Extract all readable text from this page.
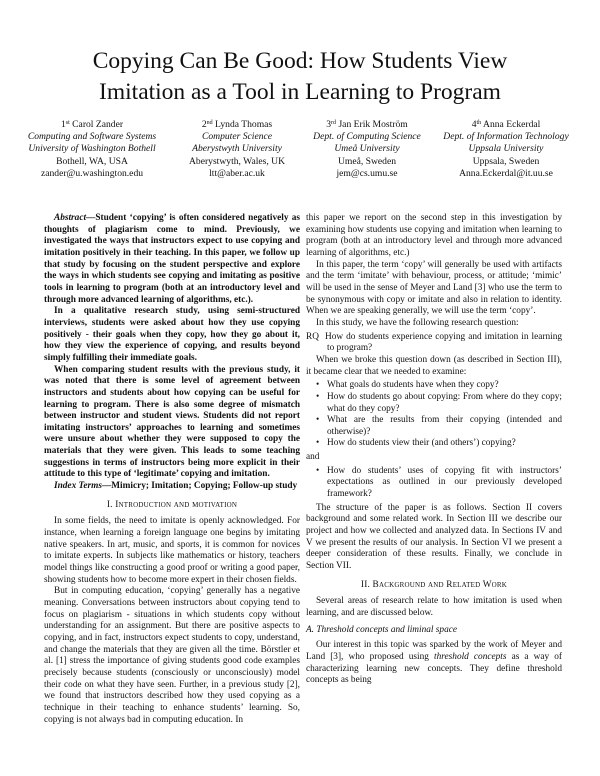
Copying Can Be Good: How Students View
Imitation as a Tool in Learning to Program
1st Carol Zander
Computing and Software Systems
University of Washington Bothell
Bothell, WA, USA
zander@u.washington.edu
2nd Lynda Thomas
Computer Science
Aberystwyth University
Aberystwyth, Wales, UK
ltt@aber.ac.uk
3rd Jan Erik Moström
Dept. of Computing Science
Umeå University
Umeå, Sweden
jem@cs.umu.se
4th Anna Eckerdal
Dept. of Information Technology
Uppsala University
Uppsala, Sweden
Anna.Eckerdal@it.uu.se

Abstract—Student ‘copying’ is often considered negatively as thoughts of plagiarism come to mind. Previously, we investigated the ways that instructors expect to use copying and imitation positively in their teaching. In this paper, we follow up that study by focusing on the student perspective and explore the ways in which students see copying and imitating as positive tools in learning to program (both at an introductory level and through more advanced learning of algorithms, etc.).

In a qualitative research study, using semi-structured interviews, students were asked about how they use copying positively - their goals when they copy, how they go about it, how they view the experience of copying, and results beyond simply fulfilling their immediate goals.

When comparing student results with the previous study, it was noted that there is some level of agreement between instructors and students about how copying can be useful for learning to program. There is also some degree of mismatch between instructor and student views. Students did not report imitating instructors’ approaches to learning and sometimes were unsure about whether they were supposed to copy the materials that they were given. This leads to some teaching suggestions in terms of instructors being more explicit in their attitude to this type of ‘legitimate’ copying and imitation.

Index Terms—Mimicry; Imitation; Copying; Follow-up study

I. Introduction and motivation

In some fields, the need to imitate is openly acknowledged. For instance, when learning a foreign language one begins by imitating native speakers. In art, music, and sports, it is common for novices to imitate experts. In subjects like mathematics or history, teachers model things like constructing a good proof or writing a good paper, showing students how to become more expert in their chosen fields.

But in computing education, ‘copying’ generally has a negative meaning. Conversations between instructors about copying tend to focus on plagiarism - situations in which students copy without understanding for an assignment. But there are positive aspects to copying, and in fact, instructors expect students to copy, understand, and change the materials that they are given all the time. Börstler et al. [1] stress the importance of giving students good code examples precisely because students (consciously or unconsciously) model their code on what they have seen. Further, in a previous study [2], we found that instructors described how they used copying as a technique in their teaching to enhance students’ learning. So, copying is not always bad in computing education. In

this paper we report on the second step in this investigation by examining how students use copying and imitation when learning to program (both at an introductory level and through more advanced learning of algorithms, etc.)

In this paper, the term ‘copy’ will generally be used with artifacts and the term ‘imitate’ with behaviour, process, or attitude; ‘mimic’ will be used in the sense of Meyer and Land [3] who use the term to be synonymous with copy or imitate and also in relation to identity. When we are speaking generally, we will use the term ‘copy’.

In this study, we have the following research question:

RQ How do students experience copying and imitation in learning to program?

When we broke this question down (as described in Section III), it became clear that we needed to examine:

• What goals do students have when they copy?
• How do students go about copying: From where do they copy; what do they copy?
• What are the results from their copying (intended and otherwise)?
• How do students view their (and others’) copying?
and
• How do students’ uses of copying fit with instructors’ expectations as outlined in our previously developed framework?

The structure of the paper is as follows. Section II covers background and some related work. In Section III we describe our project and how we collected and analyzed data. In Sections IV and V we present the results of our analysis. In Section VI we present a deeper consideration of these results. Finally, we conclude in Section VII.

II. Background and Related Work

Several areas of research relate to how imitation is used when learning, and are discussed below.

A. Threshold concepts and liminal space

Our interest in this topic was sparked by the work of Meyer and Land [3], who proposed using threshold concepts as a way of characterizing learning new concepts. They define threshold concepts as being
